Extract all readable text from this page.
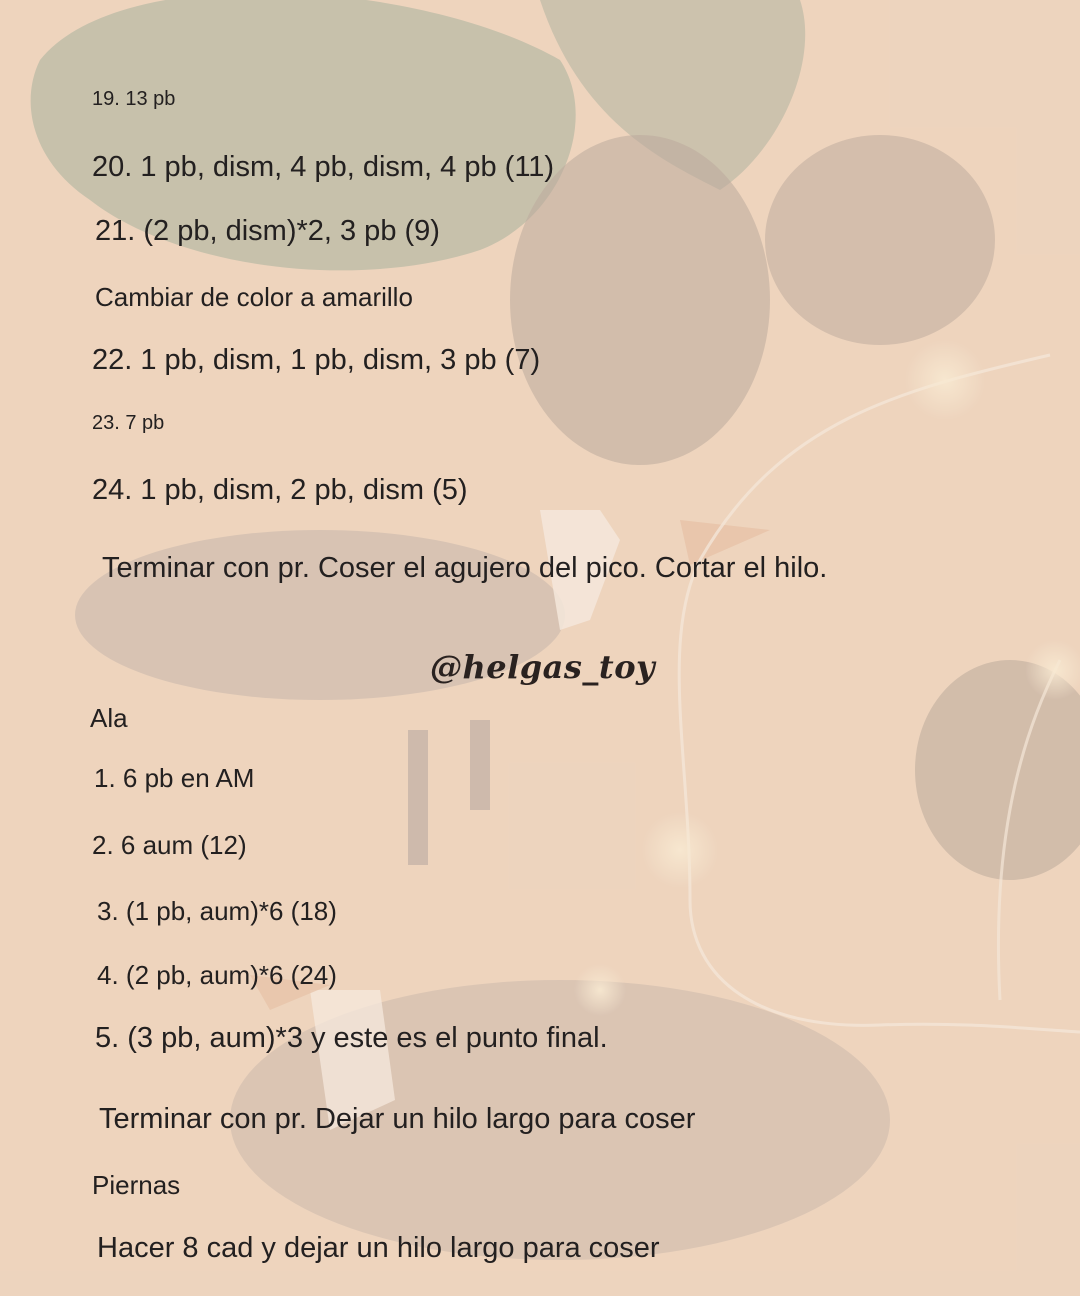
19. 13 pb
20. 1 pb, dism, 4 pb, dism, 4 pb (11)
21. (2 pb, dism)*2, 3 pb (9)
Cambiar de color a amarillo
22. 1 pb, dism, 1 pb, dism, 3 pb (7)
23. 7 pb
24. 1 pb, dism, 2 pb, dism (5)
Terminar con pr. Coser el agujero del pico. Cortar el hilo.
@helgas_toy
Ala
1. 6 pb en AM
2. 6 aum (12)
3. (1 pb, aum)*6 (18)
4. (2 pb, aum)*6 (24)
5. (3 pb, aum)*3 y este es el punto final.
Terminar con pr. Dejar un hilo largo para coser
Piernas
Hacer 8 cad y dejar un hilo largo para coser
